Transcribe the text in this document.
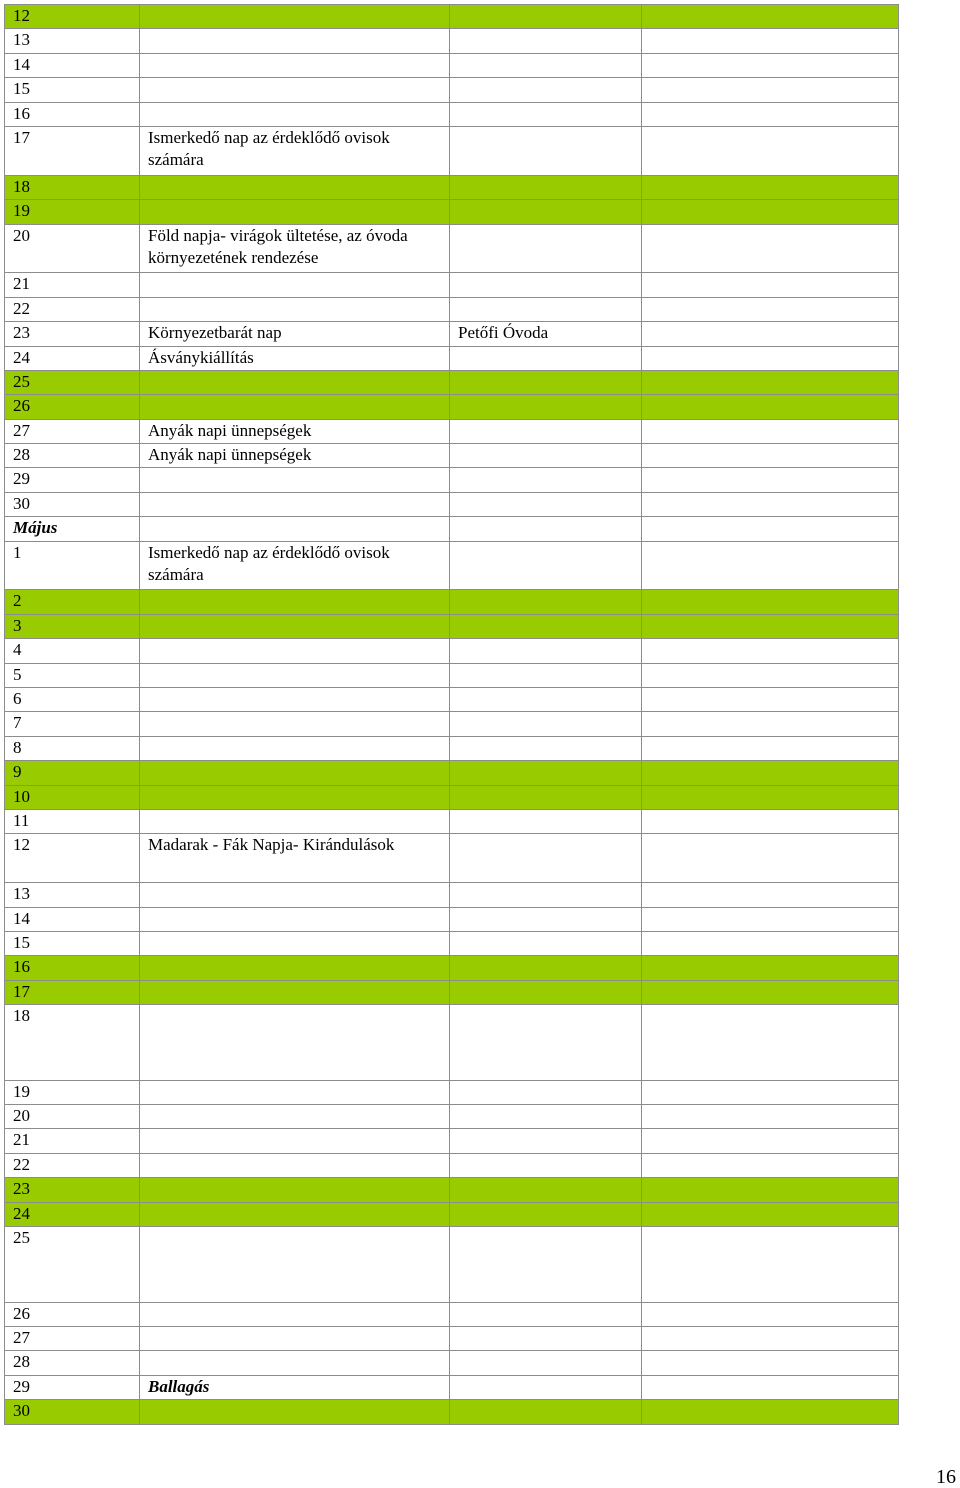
12			
13			
14			
15			
16			
17	Ismerkedő nap az érdeklődő ovisok számára		
18			
19			
20	Föld napja- virágok ültetése, az óvoda környezetének rendezése		
21			
22			
23	Környezetbarát nap	Petőfi Óvoda	
24	Ásványkiállítás		
25			
26			
27	Anyák napi ünnepségek		
28	Anyák napi ünnepségek		
29			
30			
Május			
1	Ismerkedő nap az érdeklődő ovisok számára		
2			
3			
4			
5			
6			
7			
8			
9			
10			
11			
12	Madarak - Fák Napja- Kirándulások		
13			
14			
15			
16			
17			
18			
19			
20			
21			
22			
23			
24			
25			
26			
27			
28			
29	Ballagás		
30			
16
